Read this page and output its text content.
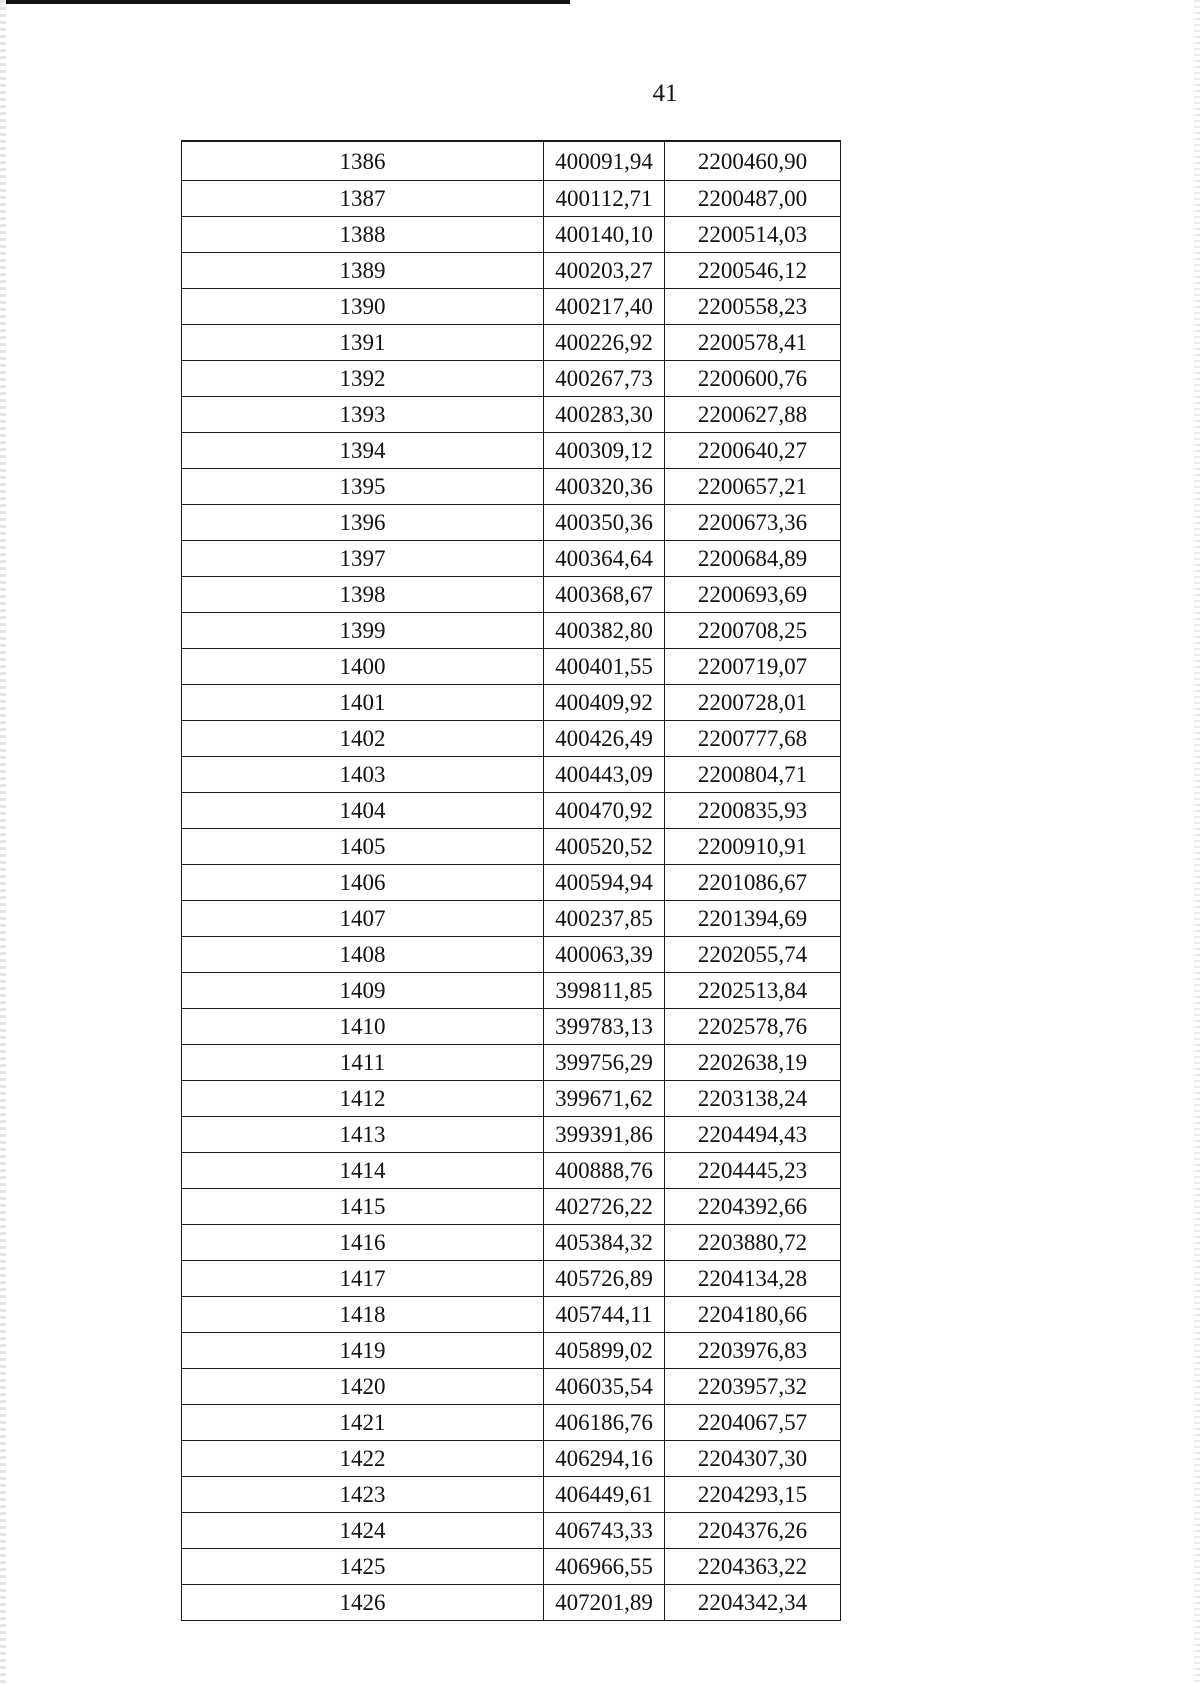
41
1386	400091,94	2200460,90
1387	400112,71	2200487,00
1388	400140,10	2200514,03
1389	400203,27	2200546,12
1390	400217,40	2200558,23
1391	400226,92	2200578,41
1392	400267,73	2200600,76
1393	400283,30	2200627,88
1394	400309,12	2200640,27
1395	400320,36	2200657,21
1396	400350,36	2200673,36
1397	400364,64	2200684,89
1398	400368,67	2200693,69
1399	400382,80	2200708,25
1400	400401,55	2200719,07
1401	400409,92	2200728,01
1402	400426,49	2200777,68
1403	400443,09	2200804,71
1404	400470,92	2200835,93
1405	400520,52	2200910,91
1406	400594,94	2201086,67
1407	400237,85	2201394,69
1408	400063,39	2202055,74
1409	399811,85	2202513,84
1410	399783,13	2202578,76
1411	399756,29	2202638,19
1412	399671,62	2203138,24
1413	399391,86	2204494,43
1414	400888,76	2204445,23
1415	402726,22	2204392,66
1416	405384,32	2203880,72
1417	405726,89	2204134,28
1418	405744,11	2204180,66
1419	405899,02	2203976,83
1420	406035,54	2203957,32
1421	406186,76	2204067,57
1422	406294,16	2204307,30
1423	406449,61	2204293,15
1424	406743,33	2204376,26
1425	406966,55	2204363,22
1426	407201,89	2204342,34
